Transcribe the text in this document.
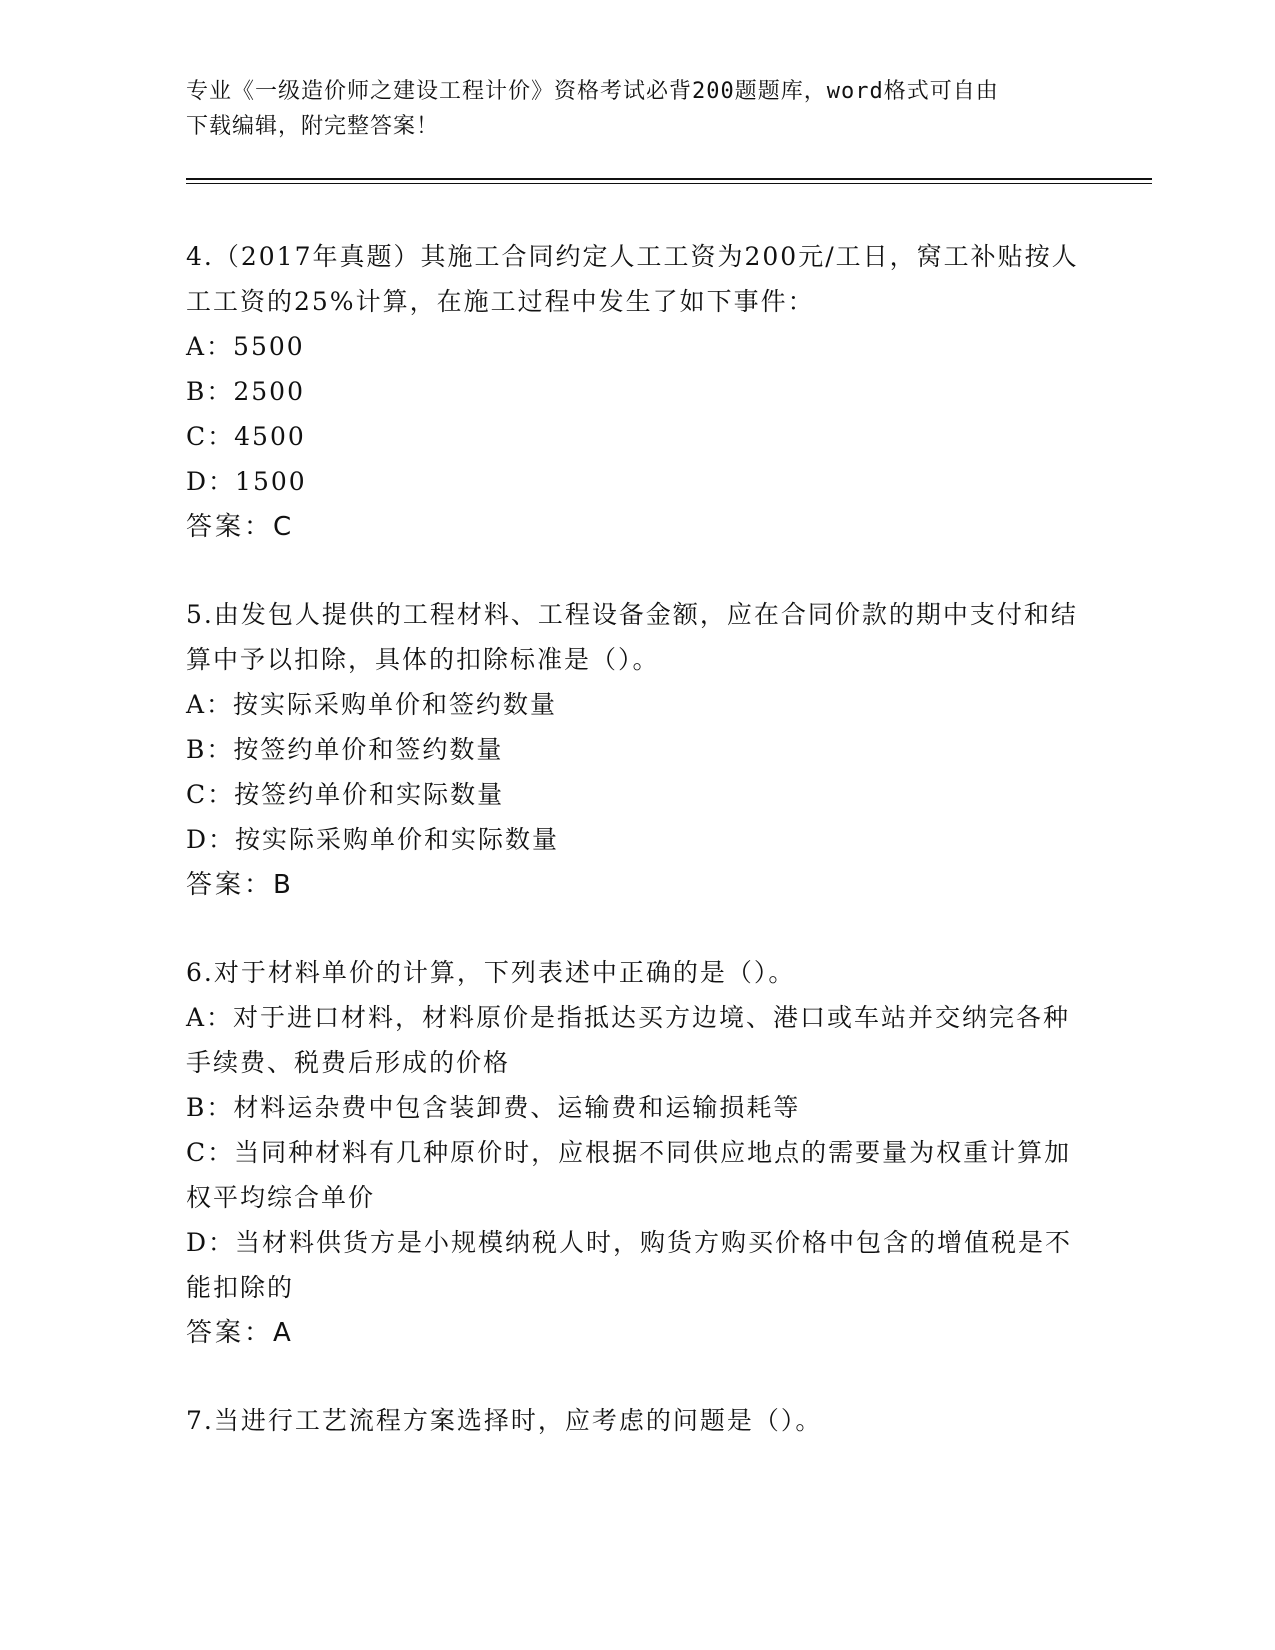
专业《一级造价师之建设工程计价》资格考试必背200题题库，word格式可自由
下载编辑，附完整答案！
4.（2017年真题）其施工合同约定人工工资为200元/工日，窝工补贴按人工工资的25%计算，在施工过程中发生了如下事件：
A：5500
B：2500
C：4500
D：1500
答案：C
5.由发包人提供的工程材料、工程设备金额，应在合同价款的期中支付和结算中予以扣除，具体的扣除标准是（）。
A：按实际采购单价和签约数量
B：按签约单价和签约数量
C：按签约单价和实际数量
D：按实际采购单价和实际数量
答案：B
6.对于材料单价的计算，下列表述中正确的是（）。
A：对于进口材料，材料原价是指抵达买方边境、港口或车站并交纳完各种手续费、税费后形成的价格
B：材料运杂费中包含装卸费、运输费和运输损耗等
C：当同种材料有几种原价时，应根据不同供应地点的需要量为权重计算加权平均综合单价
D：当材料供货方是小规模纳税人时，购货方购买价格中包含的增值税是不能扣除的
答案：A
7.当进行工艺流程方案选择时，应考虑的问题是（）。
